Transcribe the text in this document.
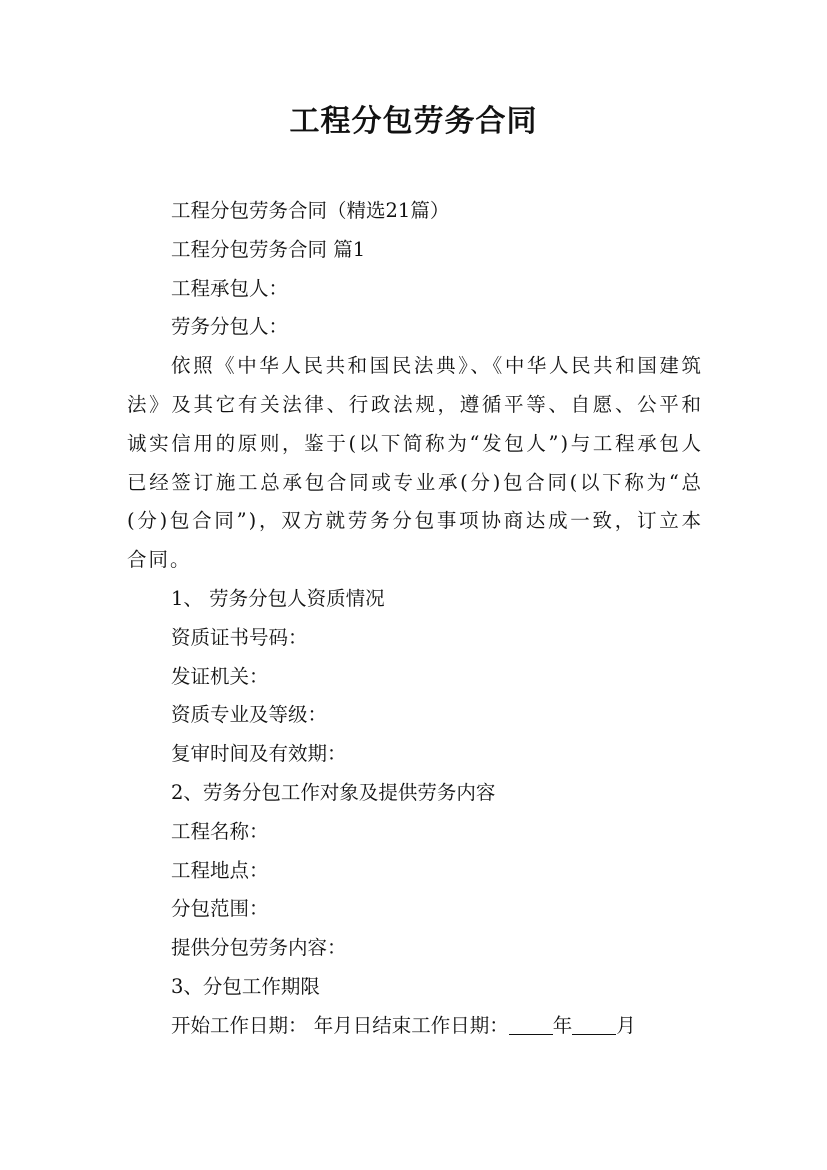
工程分包劳务合同
工程分包劳务合同（精选21篇）
工程分包劳务合同 篇1
工程承包人：
劳务分包人：
依照《中华人民共和国民法典》、《中华人民共和国建筑法》及其它有关法律、行政法规，遵循平等、自愿、公平和诚实信用的原则，鉴于(以下简称为“发包人”)与工程承包人已经签订施工总承包合同或专业承(分)包合同(以下称为“总(分)包合同”)，双方就劳务分包事项协商达成一致，订立本合同。
1、 劳务分包人资质情况
资质证书号码：
发证机关：
资质专业及等级：
复审时间及有效期：
2、劳务分包工作对象及提供劳务内容
工程名称：
工程地点：
分包范围：
提供分包劳务内容：
3、分包工作期限
开始工作日期： 年月日结束工作日期： 年 月
